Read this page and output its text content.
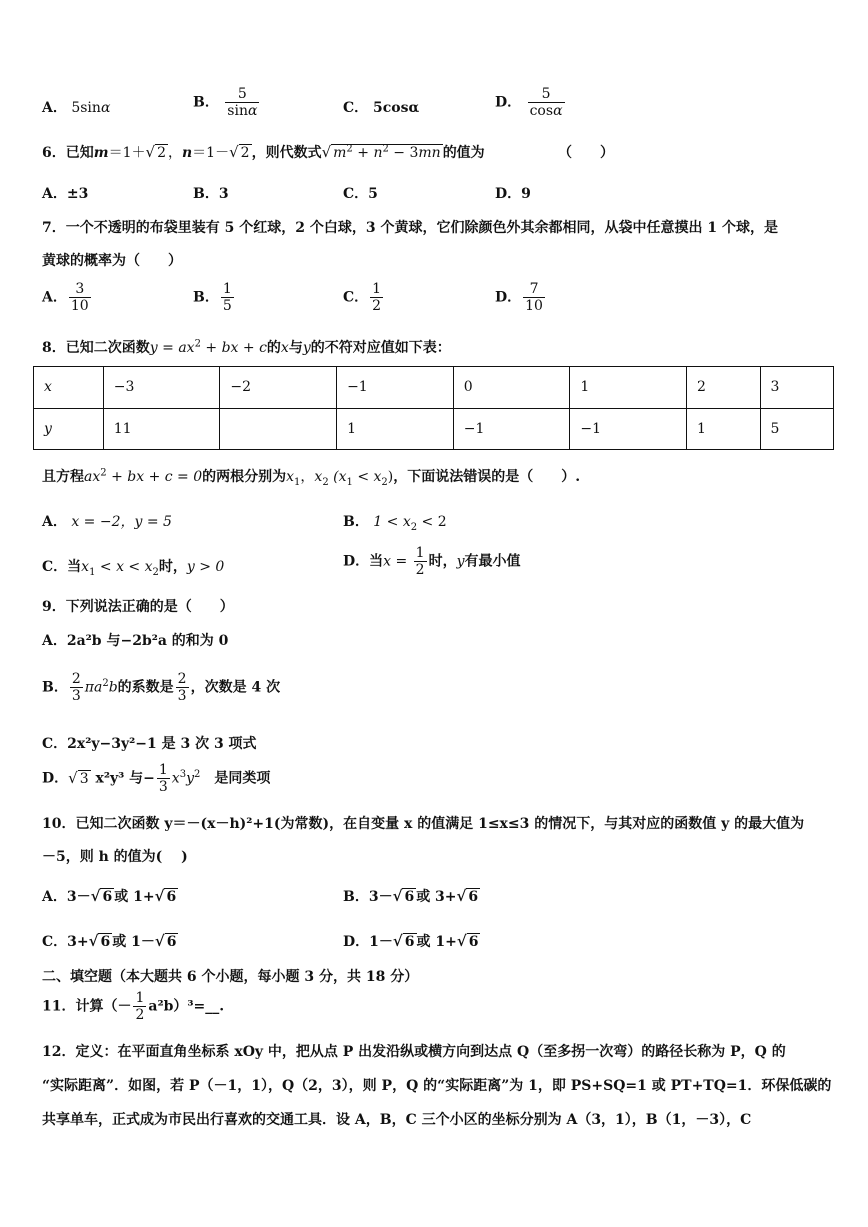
A． 5sinα	B． $\frac{5}{\sin\alpha}$	C． 5cosα	D． $\frac{5}{\cos\alpha}$
6．已知m＝1＋√ 2 ，n＝1－√ 2 ，则代数式√ $m^2 + n^2 - 3mn$ 的值为	（　　）
A．±3	B．3	C．5	D．9
7．一个不透明的布袋里装有 5 个红球，2 个白球，3 个黄球，它们除颜色外其余都相同，从袋中任意摸出 1 个球，是
黄球的概率为（　　）
A． $\frac{3}{10}$	B． $\frac{1}{5}$	C． $\frac{1}{2}$	D． $\frac{7}{10}$
8．已知二次函数$y = ax^2$ + bx + c的x与y的不符对应值如下表：
x	−3	−2	−1	0	1	2	3
y	11		1	−1	−1	1	5
且方程$ax^2$ + bx + c = 0的两根分别为$x_1$，$x_2$ $(x_1 < x_2)$，下面说法错误的是（　　）.
A． x = −2，y = 5	B． $1 < x_2 < 2$
C．当$x_1 < x < x_2$时，y > 0	D．当$x = \frac{1}{2}$ 时，y有最小值
9．下列说法正确的是（　　）
A．2a²b 与−2b²a 的和为 0
B． $\frac{2}{3} \pi a^2b$的系数是 $\frac{2}{3}$ ，次数是 4 次
C．2x²y−3y²−1 是 3 次 3 项式
D．√ 3 x²y³ 与− $\frac{1}{3} x^3y^2$　是同类项
10．已知二次函数 y＝－(x－h)²+1(为常数)，在自变量 x 的值满足 1≤x≤3 的情况下，与其对应的函数值 y 的最大值为
－5，则 h 的值为(　 )
A．3－√ 6 或 1+√ 6	B．3－√ 6 或 3+√ 6
C．3+√ 6 或 1－√ 6	D．1－√ 6 或 1+√ 6
二、填空题（本大题共 6 个小题，每小题 3 分，共 18 分）
11．计算（－ $\frac{1}{2}$ a²b）³=__.
12．定义：在平面直角坐标系 xOy 中，把从点 P 出发沿纵或横方向到达点 Q（至多拐一次弯）的路径长称为 P，Q 的
“实际距离”．如图，若 P（－1，1），Q（2，3），则 P，Q 的“实际距离”为 1，即 PS+SQ=1 或 PT+TQ=1．环保低碳的
共享单车，正式成为市民出行喜欢的交通工具．设 A，B，C 三个小区的坐标分别为 A（3，1），B（1，－3），C
